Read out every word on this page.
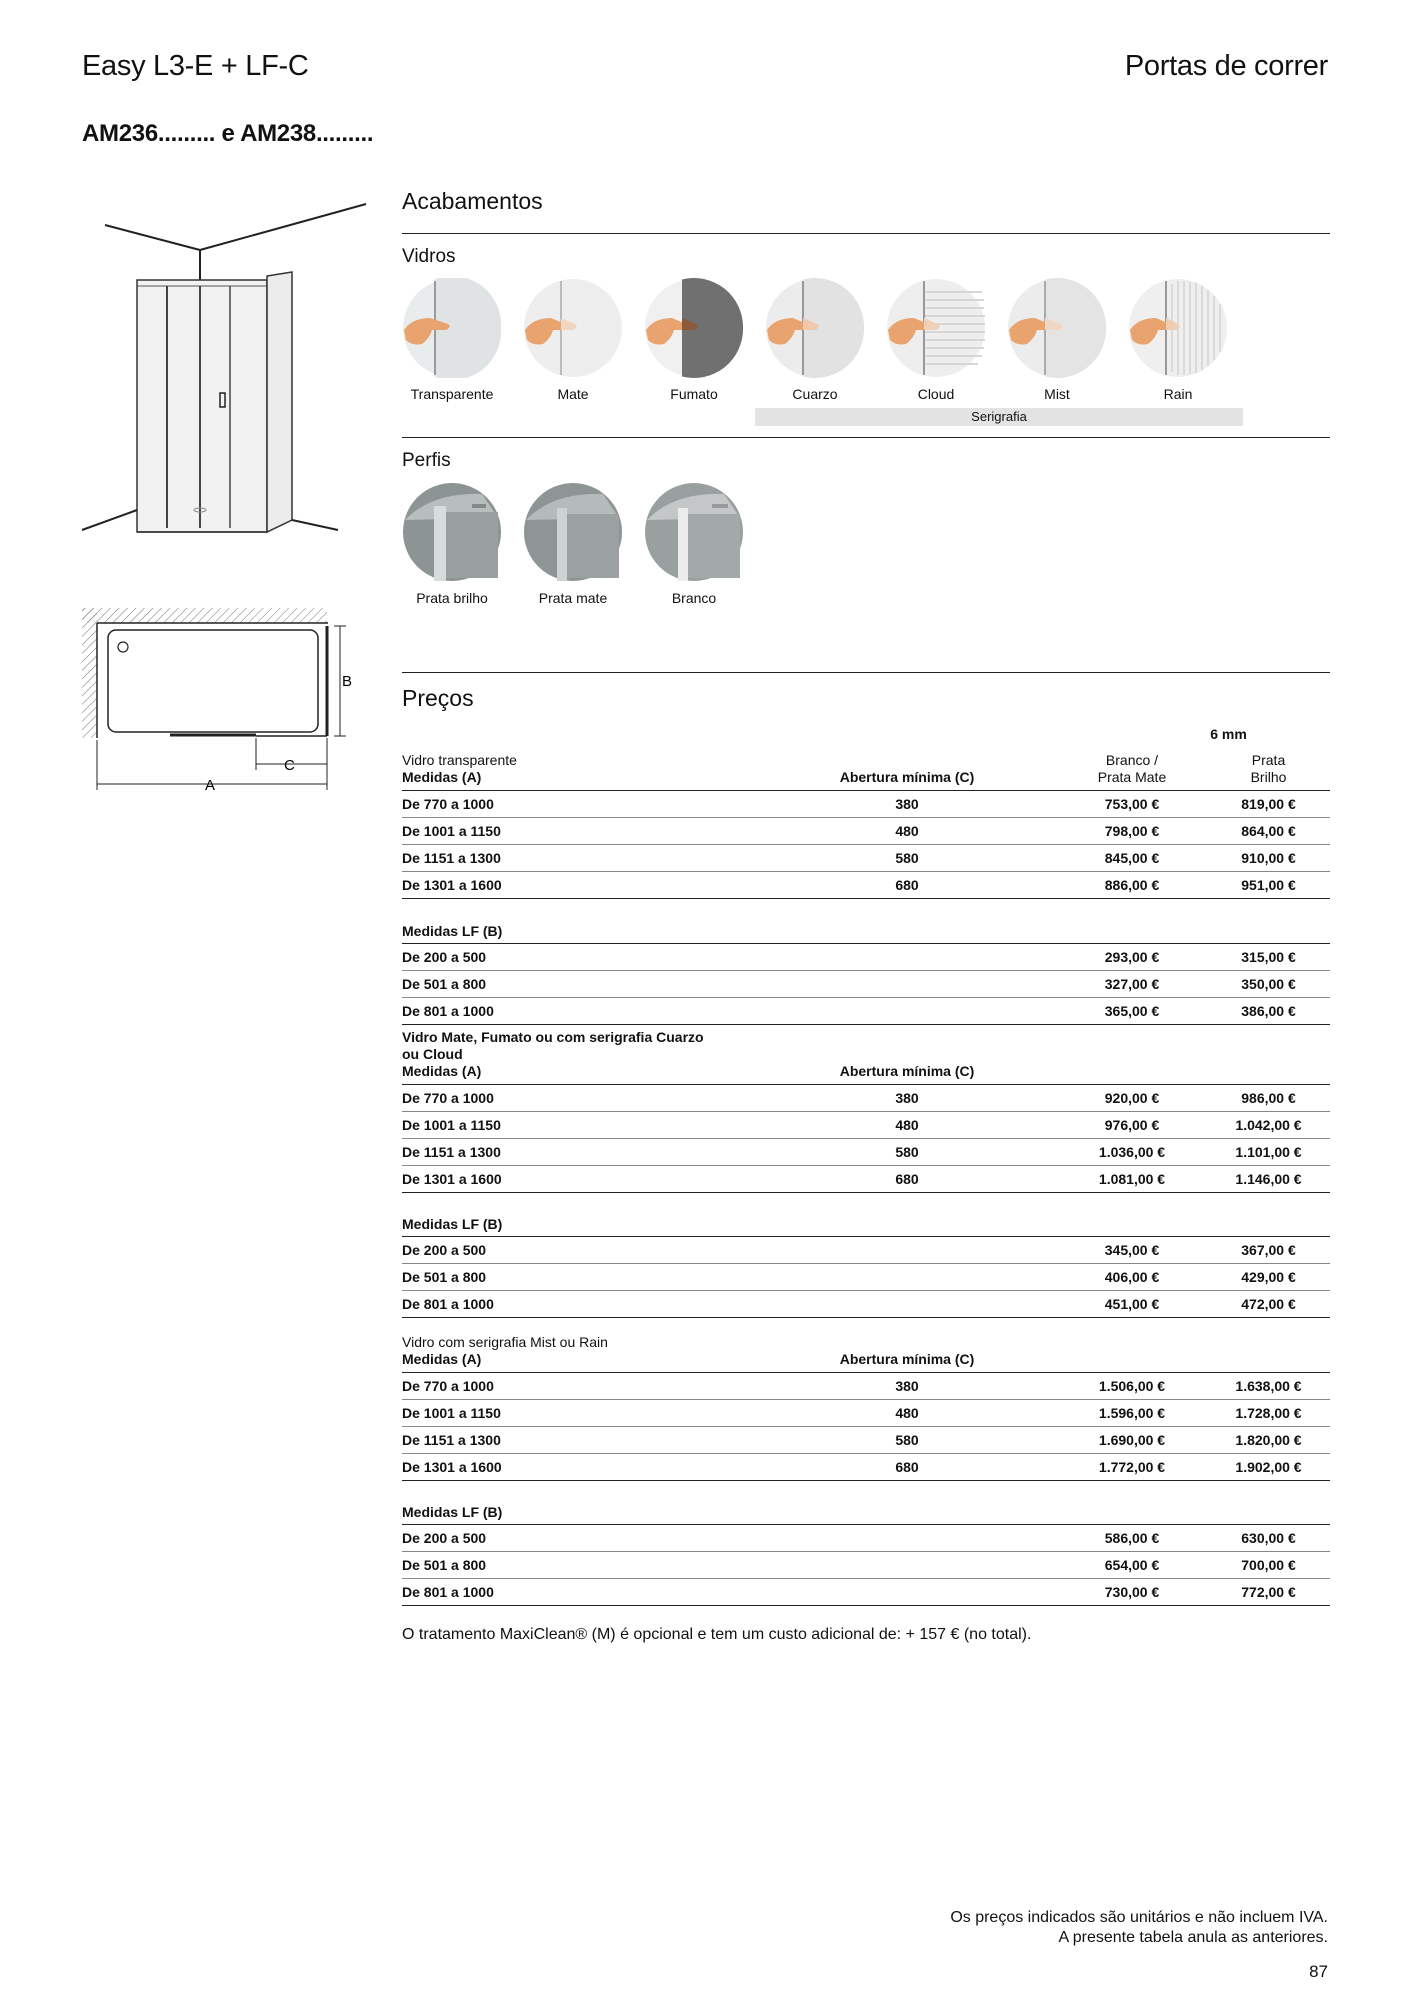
Easy L3-E + LF-C	Portas de correr
AM236......... e AM238.........
B
C
A
Acabamentos
Vidros
Transparente	Mate	Fumato	Cuarzo	Cloud	Mist	Rain
Serigrafia
Perfis
Prata brilho	Prata mate	Branco
Preços
		6 mm	
Vidro transparente
Medidas (A)	Abertura mínima (C)	Branco /
Prata Mate	Prata
Brilho
De 770 a 1000	380	753,00 €	819,00 €
De 1001 a 1150	480	798,00 €	864,00 €
De 1151 a 1300	580	845,00 €	910,00 €
De 1301 a 1600	680	886,00 €	951,00 €

Medidas LF (B)			
De 200 a 500		293,00 €	315,00 €
De 501 a 800		327,00 €	350,00 €
De 801 a 1000		365,00 €	386,00 €
Vidro Mate, Fumato ou com serigrafia Cuarzo
ou Cloud
Medidas (A)	Abertura mínima (C)		
De 770 a 1000	380	920,00 €	986,00 €
De 1001 a 1150	480	976,00 €	1.042,00 €
De 1151 a 1300	580	1.036,00 €	1.101,00 €
De 1301 a 1600	680	1.081,00 €	1.146,00 €

Medidas LF (B)			
De 200 a 500		345,00 €	367,00 €
De 501 a 800		406,00 €	429,00 €
De 801 a 1000		451,00 €	472,00 €

Vidro com serigrafia Mist ou Rain
Medidas (A)	Abertura mínima (C)		
De 770 a 1000	380	1.506,00 €	1.638,00 €
De 1001 a 1150	480	1.596,00 €	1.728,00 €
De 1151 a 1300	580	1.690,00 €	1.820,00 €
De 1301 a 1600	680	1.772,00 €	1.902,00 €

Medidas LF (B)			
De 200 a 500		586,00 €	630,00 €
De 501 a 800		654,00 €	700,00 €
De 801 a 1000		730,00 €	772,00 €
O tratamento MaxiClean® (M) é opcional e tem um custo adicional de: + 157 € (no total).
Os preços indicados são unitários e não incluem IVA.
A presente tabela anula as anteriores.
87
